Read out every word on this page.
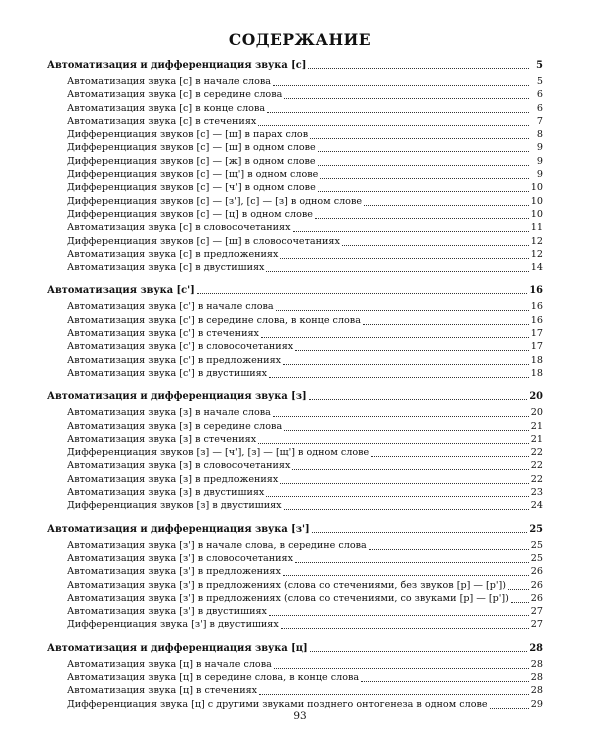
СОДЕРЖАНИЕ
Автоматизация и дифференциация звука [с]	5
Автоматизация звука [с] в начале слова	5
Автоматизация звука [с] в середине слова	6
Автоматизация звука [с] в конце слова	6
Автоматизация звука [с] в стечениях	7
Дифференциация звуков [с] — [ш] в парах слов	8
Дифференциация звуков [с] — [ш] в одном слове	9
Дифференциация звуков [с] — [ж] в одном слове	9
Дифференциация звуков [с] — [щ'] в одном слове	9
Дифференциация звуков [с] — [ч'] в одном слове	10
Дифференциация звуков [с] — [з'], [с] — [з] в одном слове	10
Дифференциация звуков [с] — [ц] в одном слове	10
Автоматизация звука [с] в словосочетаниях	11
Дифференциация звуков [с] — [ш] в словосочетаниях	12
Автоматизация звука [с] в предложениях	12
Автоматизация звука [с] в двустишиях	14
Автоматизация звука [с']	16
Автоматизация звука [с'] в начале слова	16
Автоматизация звука [с'] в середине слова, в конце слова	16
Автоматизация звука [с'] в стечениях	17
Автоматизация звука [с'] в словосочетаниях	17
Автоматизация звука [с'] в предложениях	18
Автоматизация звука [с'] в двустишиях	18
Автоматизация и дифференциация звука [з]	20
Автоматизация звука [з] в начале слова	20
Автоматизация звука [з] в середине слова	21
Автоматизация звука [з] в стечениях	21
Дифференциация звуков [з] — [ч'], [з] — [щ'] в одном слове	22
Автоматизация звука [з] в словосочетаниях	22
Автоматизация звука [з] в предложениях	22
Автоматизация звука [з] в двустишиях	23
Дифференциация звуков [з] в двустишиях	24
Автоматизация и дифференциация звука [з']	25
Автоматизация звука [з'] в начале слова, в середине слова	25
Автоматизация звука [з'] в словосочетаниях	25
Автоматизация звука [з'] в предложениях	26
Автоматизация звука [з'] в предложениях (слова со стечениями, без звуков [р] — [р'])	26
Автоматизация звука [з'] в предложениях (слова со стечениями, со звуками [р] — [р']) 26
Автоматизация звука [з'] в двустишиях	27
Дифференциация звука [з'] в двустишиях	27
Автоматизация и дифференциация звука [ц]	28
Автоматизация звука [ц] в начале слова	28
Автоматизация звука [ц] в середине слова, в конце слова	28
Автоматизация звука [ц] в стечениях	28
Дифференциация звука [ц] с другими звуками позднего онтогенеза в одном слове	29
93
